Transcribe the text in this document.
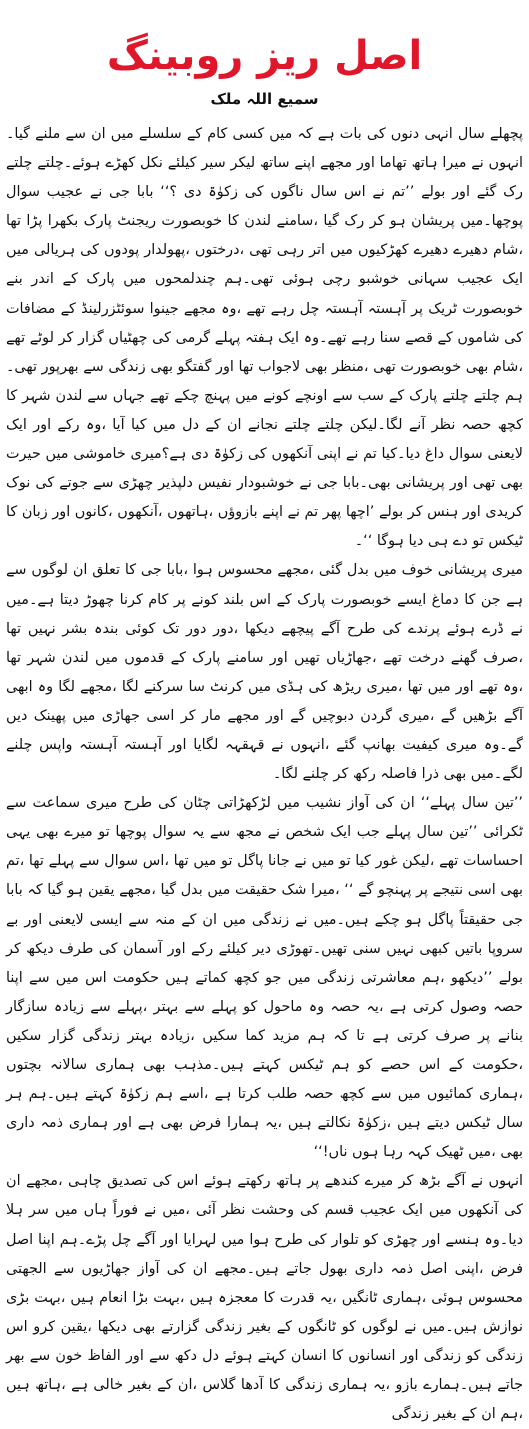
اصل ریز روبینگ
سمیع اللہ ملک

پچھلے سال انہی دنوں کی بات ہے کہ میں کسی کام کے سلسلے میں ان سے ملنے گیا۔انہوں نے میرا ہاتھ تھاما اور مجھے اپنے ساتھ لیکر سیر کیلئے نکل کھڑے ہوئے۔چلتے چلتے رک گئے اور بولے ’’تم نے اس سال ناگوں کی زکوٰۃ دی ؟‘‘ بابا جی نے عجیب سوال پوچھا۔میں پریشان ہو کر رک گیا ،سامنے لندن کا خوبصورت ریجنٹ پارک بکھرا پڑا تھا ،شام دھیرے دھیرے کھڑکیوں میں اتر رہی تھی ،درختوں ،پھولدار پودوں کی ہریالی میں ایک عجیب سہانی خوشبو رچی ہوئی تھی۔ہم چندلمحوں میں پارک کے اندر بنے خوبصورت ٹریک پر آہستہ آہستہ چل رہے تھے ،وہ مجھے جینوا سوئٹزرلینڈ کے مضافات کی شاموں کے قصے سنا رہے تھے۔وہ ایک ہفتہ پہلے گرمی کی چھٹیاں گزار کر لوٹے تھے ،شام بھی خوبصورت تھی ،منظر بھی لاجواب تھا اور گفتگو بھی زندگی سے بھرپور تھی۔ہم چلتے چلتے پارک کے سب سے اونچے کونے میں پہنچ چکے تھے جہاں سے لندن شہر کا کچھ حصہ نظر آنے لگا۔لیکن چلتے چلتے نجانے ان کے دل میں کیا آیا ،وہ رکے اور ایک لایعنی سوال داغ دیا۔کیا تم نے اپنی آنکھوں کی زکوٰۃ دی ہے؟میری خاموشی میں حیرت بھی تھی اور پریشانی بھی۔بابا جی نے خوشبودار نفیس دلپذیر چھڑی سے جوتے کی نوک کریدی اور ہنس کر بولے ’اچھا پھر تم نے اپنے بازوؤں ،ہاتھوں ،آنکھوں ،کانوں اور زبان کا ٹیکس تو دے ہی دیا ہوگا ‘‘۔

میری پریشانی خوف میں بدل گئی ،مجھے محسوس ہوا ،بابا جی کا تعلق ان لوگوں سے ہے جن کا دماغ ایسے خوبصورت پارک کے اس بلند کونے پر کام کرنا چھوڑ دیتا ہے۔میں نے ڈرے ہوئے پرندے کی طرح آگے پیچھے دیکھا ،دور دور تک کوئی بندہ بشر نہیں تھا ،صرف گھنے درخت تھے ،جھاڑیاں تھیں اور سامنے پارک کے قدموں میں لندن شہر تھا ،وہ تھے اور میں تھا ،میری ریڑھ کی ہڈی میں کرنٹ سا سرکنے لگا ،مجھے لگا وہ ابھی آگے بڑھیں گے ،میری گردن دبوچیں گے اور مجھے مار کر اسی جھاڑی میں پھینک دیں گے۔وہ میری کیفیت بھانپ گئے ،انہوں نے قہقہہ لگایا اور آہستہ آہستہ واپس چلنے لگے۔میں بھی ذرا فاصلہ رکھ کر چلنے لگا۔

’’تین سال پہلے‘‘ ان کی آواز نشیب میں لڑکھڑاتی چٹان کی طرح میری سماعت سے ٹکرائی ’’تین سال پہلے جب ایک شخص نے مجھ سے یہ سوال پوچھا تو میرے بھی یہی احساسات تھے ،لیکن غور کیا تو میں نے جانا پاگل تو میں تھا ،اس سوال سے پہلے تھا ،تم بھی اسی نتیجے پر پہنچو گے ‘‘ ،میرا شک حقیقت میں بدل گیا ،مجھے یقین ہو گیا کہ بابا جی حقیقتاً پاگل ہو چکے ہیں۔میں نے زندگی میں ان کے منہ سے ایسی لایعنی اور بے سروپا باتیں کبھی نہیں سنی تھیں۔تھوڑی دیر کیلئے رکے اور آسمان کی طرف دیکھ کر بولے ’’دیکھو ،ہم معاشرتی زندگی میں جو کچھ کماتے ہیں حکومت اس میں سے اپنا حصہ وصول کرتی ہے ،یہ حصہ وہ ماحول کو پہلے سے بہتر ،پہلے سے زیادہ سازگار بنانے پر صرف کرتی ہے تا کہ ہم مزید کما سکیں ،زیادہ بہتر زندگی گزار سکیں ،حکومت کے اس حصے کو ہم ٹیکس کہتے ہیں۔مذہب بھی ہماری سالانہ بچتوں ،ہماری کمائیوں میں سے کچھ حصہ طلب کرتا ہے ،اسے ہم زکوٰۃ کہتے ہیں۔ہم ہر سال ٹیکس دیتے ہیں ،زکوٰۃ نکالتے ہیں ،یہ ہمارا فرض بھی ہے اور ہماری ذمہ داری بھی ،میں ٹھیک کہہ رہا ہوں ناں!‘‘

انہوں نے آگے بڑھ کر میرے کندھے پر ہاتھ رکھتے ہوئے اس کی تصدیق چاہی ،مجھے ان کی آنکھوں میں ایک عجیب قسم کی وحشت نظر آئی ،میں نے فوراً ہاں میں سر ہلا دیا۔وہ ہنسے اور چھڑی کو تلوار کی طرح ہوا میں لہرایا اور آگے چل پڑے۔ہم اپنا اصل فرض ،اپنی اصل ذمہ داری بھول جاتے ہیں۔مجھے ان کی آواز جھاڑیوں سے الجھتی محسوس ہوئی ،ہماری ٹانگیں ،یہ قدرت کا معجزہ ہیں ،بہت بڑا انعام ہیں ،بہت بڑی نوازش ہیں۔میں نے لوگوں کو ٹانگوں کے بغیر زندگی گزارتے بھی دیکھا ،یقین کرو اس زندگی کو زندگی اور انسانوں کا انسان کہتے ہوئے دل دکھ سے اور الفاظ خون سے بھر جاتے ہیں۔ہمارے بازو ،یہ ہماری زندگی کا آدھا گلاس ،ان کے بغیر خالی ہے ،ہاتھ ہیں ،ہم ان کے بغیر زندگی
